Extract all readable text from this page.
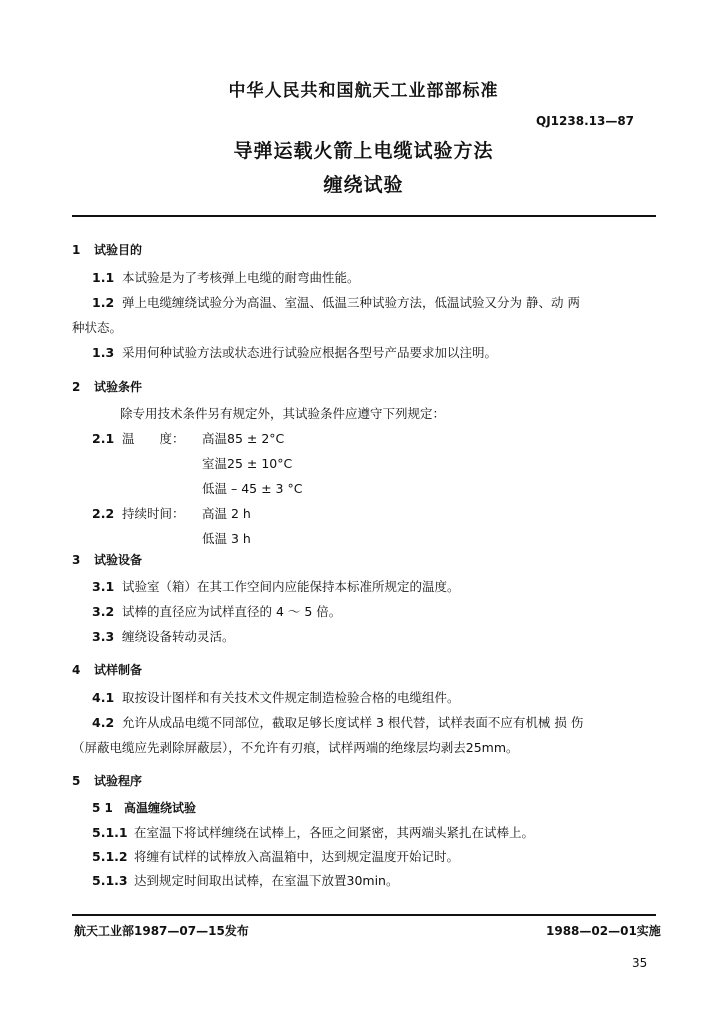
中华人民共和国航天工业部部标准
QJ1238.13—87
导弹运载火箭上电缆试验方法
缠绕试验
1 试验目的
1.1 本试验是为了考核弹上电缆的耐弯曲性能。
1.2 弹上电缆缠绕试验分为高温、室温、低温三种试验方法，低温试验又分为 静、动 两
种状态。
1.3 采用何种试验方法或状态进行试验应根据各型号产品要求加以注明。
2 试验条件
除专用技术条件另有规定外，其试验条件应遵守下列规定：
2.1 温　　度： 高温85 ± 2°C
室温25 ± 10°C
低温 – 45 ± 3 °C
2.2 持续时间： 高温 2 h
低温 3 h
3 试验设备
3.1 试验室（箱）在其工作空间内应能保持本标准所规定的温度。
3.2 试棒的直径应为试样直径的 4 ～ 5 倍。
3.3 缠绕设备转动灵活。
4 试样制备
4.1 取按设计图样和有关技术文件规定制造检验合格的电缆组件。
4.2 允许从成品电缆不同部位，截取足够长度试样 3 根代替，试样表面不应有机械 损 伤
（屏蔽电缆应先剥除屏蔽层），不允许有刃痕，试样两端的绝缘层均剥去25mm。
5 试验程序
5 1 高温缠绕试验
5.1.1 在室温下将试样缠绕在试棒上，各匝之间紧密，其两端头紧扎在试棒上。
5.1.2 将缠有试样的试棒放入高温箱中，达到规定温度开始记时。
5.1.3 达到规定时间取出试棒，在室温下放置30min。
航天工业部1987—07—15发布	1988—02—01实施
35
